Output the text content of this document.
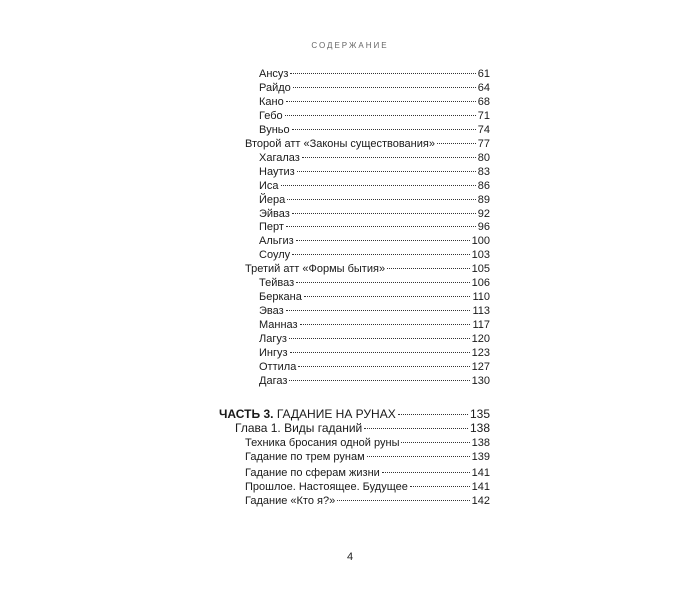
СОДЕРЖАНИЕ
Ансуз	61
Райдо	64
Кано	68
Гебо	71
Вуньо	74
Второй атт «Законы существования»	77
Хагалаз	80
Наутиз	83
Иса	86
Йера	89
Эйваз	92
Перт	96
Альгиз	100
Соулу	103
Третий атт «Формы бытия»	105
Тейваз	106
Беркана	110
Эваз	113
Манназ	117
Лагуз	120
Ингуз	123
Оттила	127
Дагаз	130
ЧАСТЬ 3. ГАДАНИЕ НА РУНАХ	135
Глава 1. Виды гаданий	138
Техника бросания одной руны	138
Гадание по трем рунам	139
Гадание по сферам жизни	141
Прошлое. Настоящее. Будущее	141
Гадание «Кто я?»	142
4
